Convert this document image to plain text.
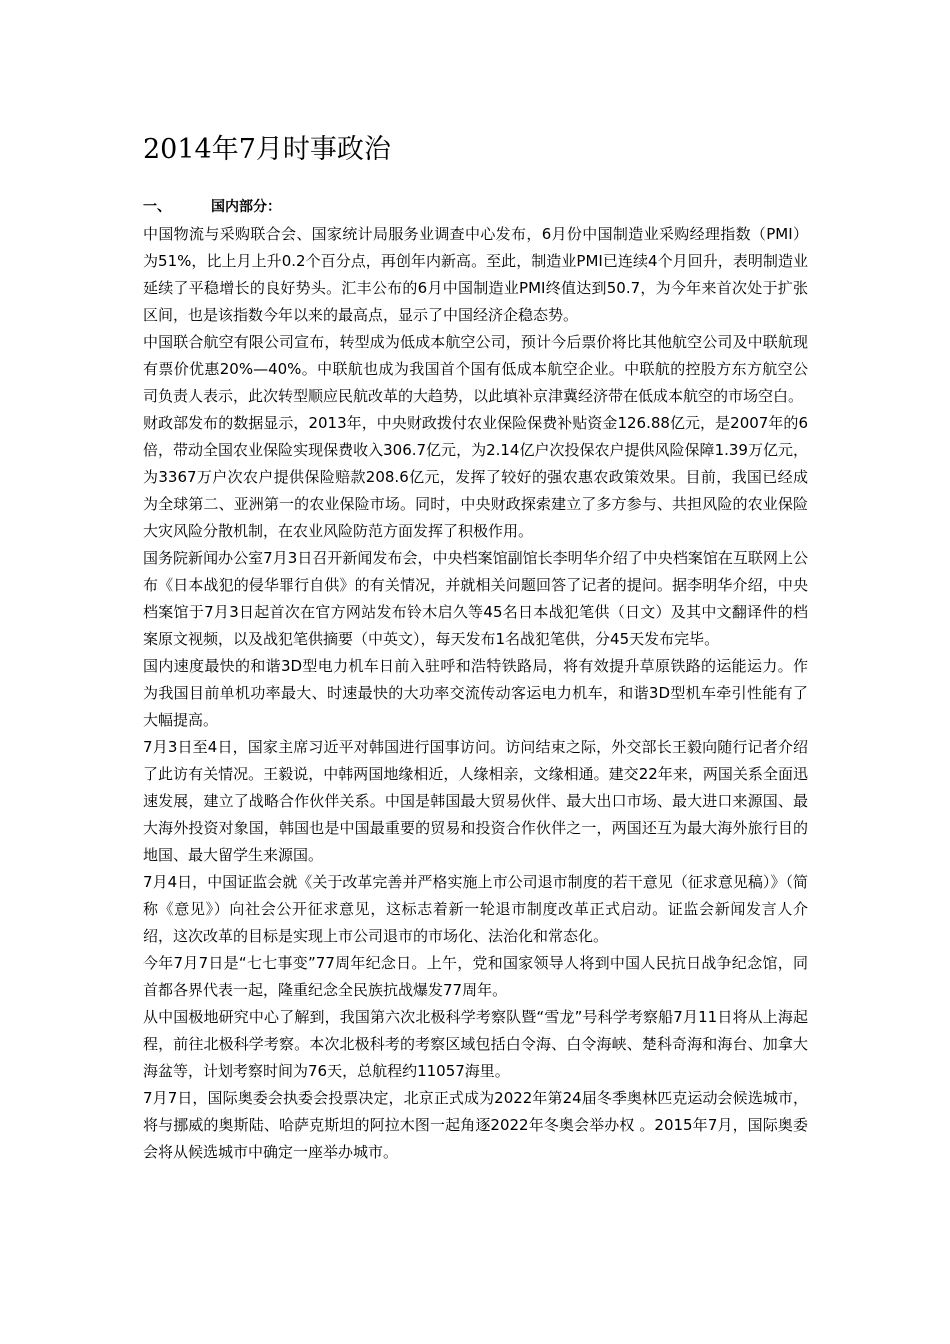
2014年7月时事政治
一、	国内部分：

中国物流与采购联合会、国家统计局服务业调查中心发布，6月份中国制造业采购经理指数（PMI）为51%，比上月上升0.2个百分点，再创年内新高。至此，制造业PMI已连续4个月回升，表明制造业延续了平稳增长的良好势头。汇丰公布的6月中国制造业PMI终值达到50.7，为今年来首次处于扩张区间，也是该指数今年以来的最高点，显示了中国经济企稳态势。

中国联合航空有限公司宣布，转型成为低成本航空公司，预计今后票价将比其他航空公司及中联航现有票价优惠20%—40%。中联航也成为我国首个国有低成本航空企业。中联航的控股方东方航空公司负责人表示，此次转型顺应民航改革的大趋势，以此填补京津冀经济带在低成本航空的市场空白。

财政部发布的数据显示，2013年，中央财政拨付农业保险保费补贴资金126.88亿元，是2007年的6倍，带动全国农业保险实现保费收入306.7亿元，为2.14亿户次投保农户提供风险保障1.39万亿元，为3367万户次农户提供保险赔款208.6亿元，发挥了较好的强农惠农政策效果。目前，我国已经成为全球第二、亚洲第一的农业保险市场。同时，中央财政探索建立了多方参与、共担风险的农业保险大灾风险分散机制，在农业风险防范方面发挥了积极作用。

国务院新闻办公室7月3日召开新闻发布会，中央档案馆副馆长李明华介绍了中央档案馆在互联网上公布《日本战犯的侵华罪行自供》的有关情况，并就相关问题回答了记者的提问。据李明华介绍，中央档案馆于7月3日起首次在官方网站发布铃木启久等45名日本战犯笔供（日文）及其中文翻译件的档案原文视频，以及战犯笔供摘要（中英文），每天发布1名战犯笔供，分45天发布完毕。

国内速度最快的和谐3D型电力机车日前入驻呼和浩特铁路局，将有效提升草原铁路的运能运力。作为我国目前单机功率最大、时速最快的大功率交流传动客运电力机车，和谐3D型机车牵引性能有了大幅提高。

7月3日至4日，国家主席习近平对韩国进行国事访问。访问结束之际，外交部长王毅向随行记者介绍了此访有关情况。王毅说，中韩两国地缘相近，人缘相亲，文缘相通。建交22年来，两国关系全面迅速发展，建立了战略合作伙伴关系。中国是韩国最大贸易伙伴、最大出口市场、最大进口来源国、最大海外投资对象国，韩国也是中国最重要的贸易和投资合作伙伴之一，两国还互为最大海外旅行目的地国、最大留学生来源国。

7月4日，中国证监会就《关于改革完善并严格实施上市公司退市制度的若干意见（征求意见稿）》（简称《意见》）向社会公开征求意见，这标志着新一轮退市制度改革正式启动。证监会新闻发言人介绍，这次改革的目标是实现上市公司退市的市场化、法治化和常态化。

今年7月7日是“七七事变”77周年纪念日。上午，党和国家领导人将到中国人民抗日战争纪念馆，同首都各界代表一起，隆重纪念全民族抗战爆发77周年。

从中国极地研究中心了解到，我国第六次北极科学考察队暨“雪龙”号科学考察船7月11日将从上海起程，前往北极科学考察。本次北极科考的考察区域包括白令海、白令海峡、楚科奇海和海台、加拿大海盆等，计划考察时间为76天，总航程约11057海里。

7月7日，国际奥委会执委会投票决定，北京正式成为2022年第24届冬季奥林匹克运动会候选城市，将与挪威的奥斯陆、哈萨克斯坦的阿拉木图一起角逐2022年冬奥会举办权 。2015年7月，国际奥委会将从候选城市中确定一座举办城市。
